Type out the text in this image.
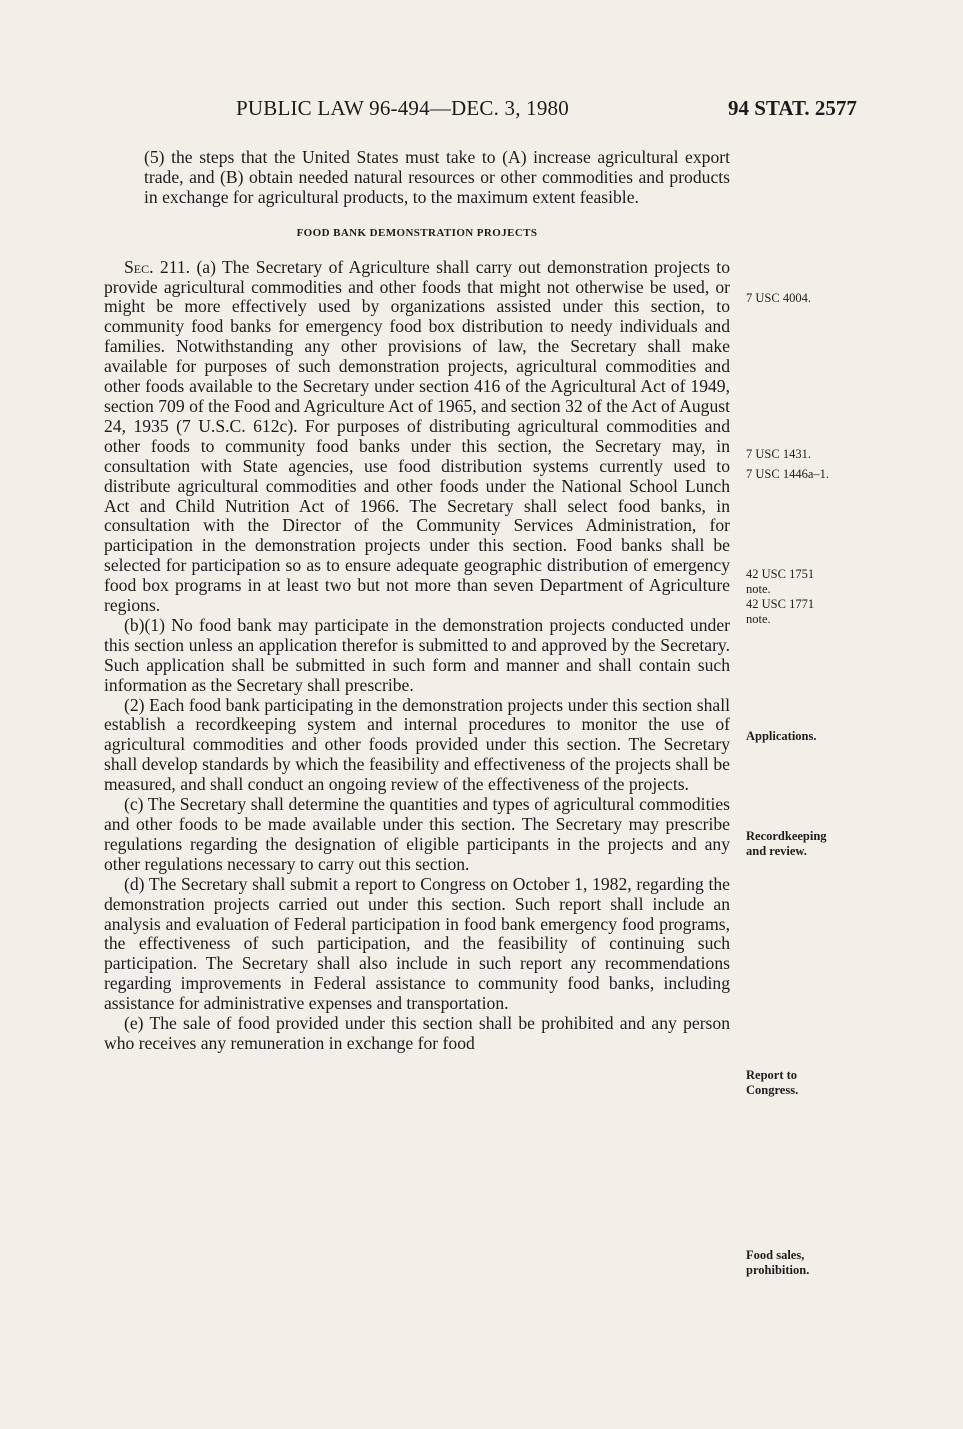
PUBLIC LAW 96-494—DEC. 3, 1980	94 STAT. 2577

(5) the steps that the United States must take to (A) increase agricultural export trade, and (B) obtain needed natural resources or other commodities and products in exchange for agricultural products, to the maximum extent feasible.

FOOD BANK DEMONSTRATION PROJECTS

Sec. 211. (a) The Secretary of Agriculture shall carry out demonstration projects to provide agricultural commodities and other foods that might not otherwise be used, or might be more effectively used by organizations assisted under this section, to community food banks for emergency food box distribution to needy individuals and families. Notwithstanding any other provisions of law, the Secretary shall make available for purposes of such demonstration projects, agricultural commodities and other foods available to the Secretary under section 416 of the Agricultural Act of 1949, section 709 of the Food and Agriculture Act of 1965, and section 32 of the Act of August 24, 1935 (7 U.S.C. 612c). For purposes of distributing agricultural commodities and other foods to community food banks under this section, the Secretary may, in consultation with State agencies, use food distribution systems currently used to distribute agricultural commodities and other foods under the National School Lunch Act and Child Nutrition Act of 1966. The Secretary shall select food banks, in consultation with the Director of the Community Services Administration, for participation in the demonstration projects under this section. Food banks shall be selected for participation so as to ensure adequate geographic distribution of emergency food box programs in at least two but not more than seven Department of Agriculture regions.

(b)(1) No food bank may participate in the demonstration projects conducted under this section unless an application therefor is submitted to and approved by the Secretary. Such application shall be submitted in such form and manner and shall contain such information as the Secretary shall prescribe.

(2) Each food bank participating in the demonstration projects under this section shall establish a recordkeeping system and internal procedures to monitor the use of agricultural commodities and other foods provided under this section. The Secretary shall develop standards by which the feasibility and effectiveness of the projects shall be measured, and shall conduct an ongoing review of the effectiveness of the projects.

(c) The Secretary shall determine the quantities and types of agricultural commodities and other foods to be made available under this section. The Secretary may prescribe regulations regarding the designation of eligible participants in the projects and any other regulations necessary to carry out this section.

(d) The Secretary shall submit a report to Congress on October 1, 1982, regarding the demonstration projects carried out under this section. Such report shall include an analysis and evaluation of Federal participation in food bank emergency food programs, the effectiveness of such participation, and the feasibility of continuing such participation. The Secretary shall also include in such report any recommendations regarding improvements in Federal assistance to community food banks, including assistance for administrative expenses and transportation.

(e) The sale of food provided under this section shall be prohibited and any person who receives any remuneration in exchange for food

7 USC 4004.
7 USC 1431.
7 USC 1446a–1.
42 USC 1751
note.
42 USC 1771
note.
Applications.
Recordkeeping
and review.
Report to
Congress.
Food sales,
prohibition.
